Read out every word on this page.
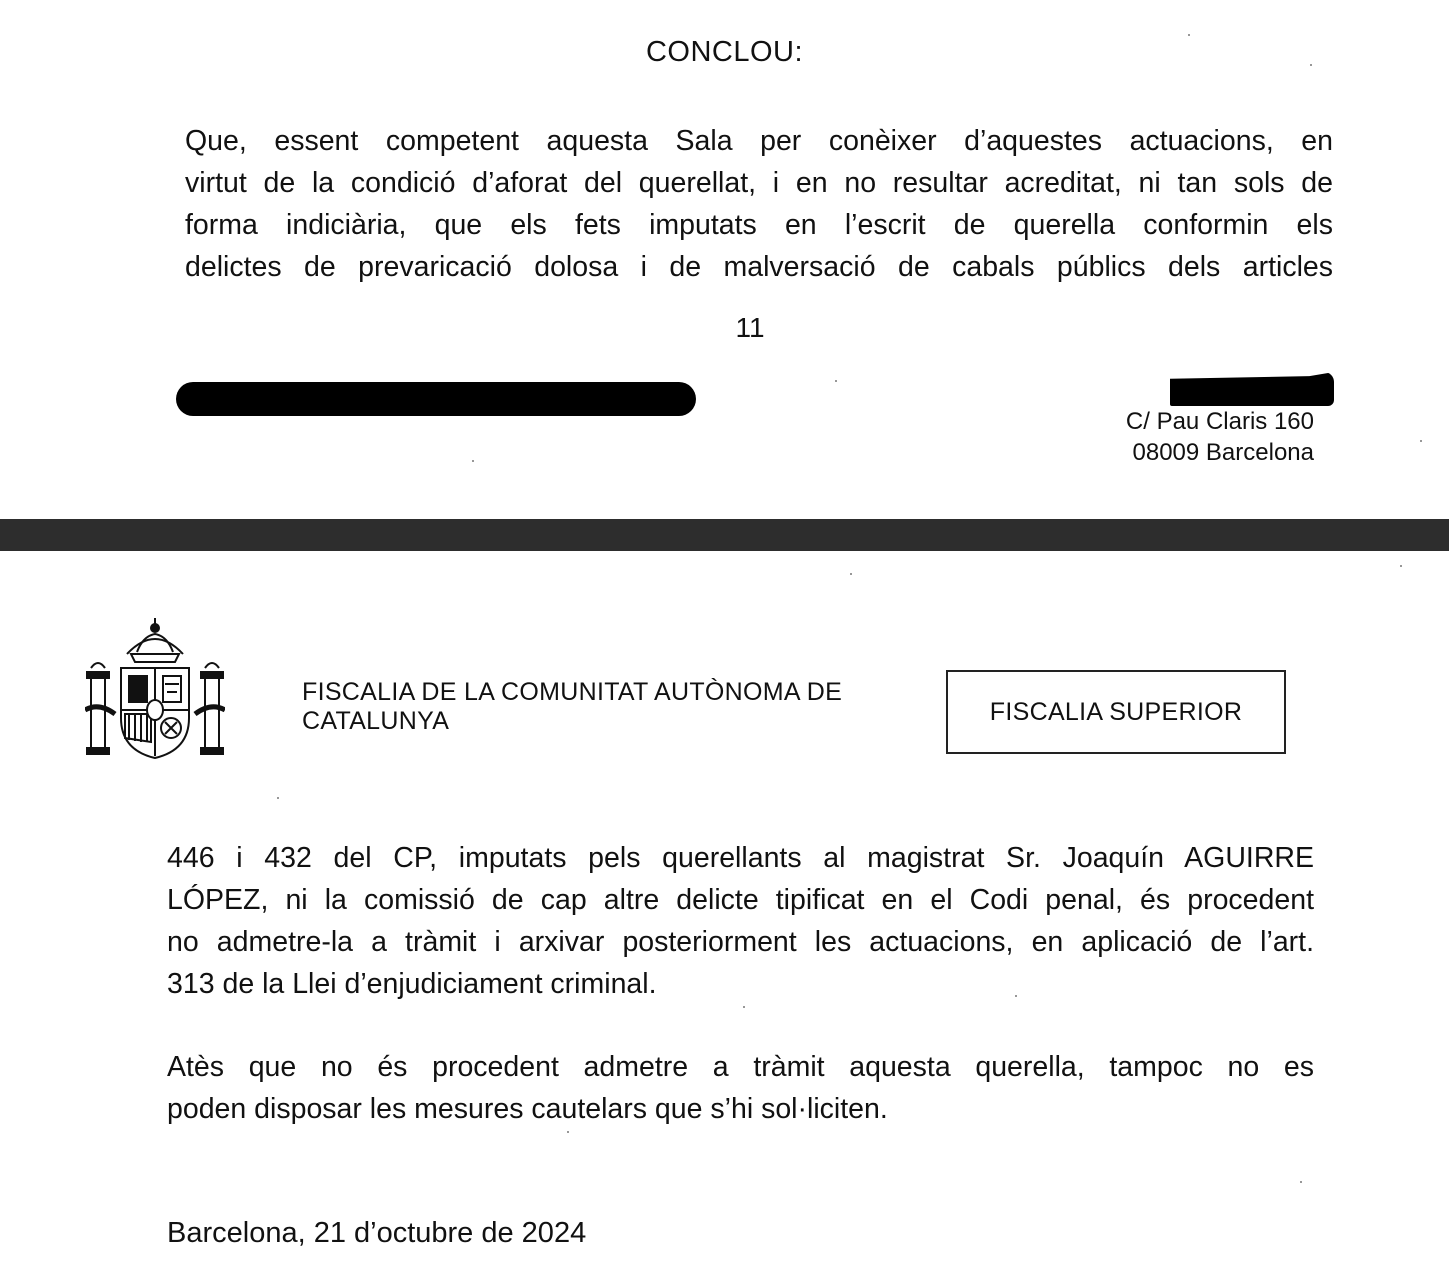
CONCLOU:
Que, essent competent aquesta Sala per conèixer d’aquestes actuacions, en
virtut de la condició d’aforat del querellat, i en no resultar acreditat, ni tan sols de
forma indiciària, que els fets imputats en l’escrit de querella conformin els
delictes de prevaricació dolosa i de malversació de cabals públics dels articles
11
C/ Pau Claris 160
08009 Barcelona
FISCALIA DE LA COMUNITAT AUTÒNOMA DE
CATALUNYA	FISCALIA SUPERIOR
446 i 432 del CP, imputats pels querellants al magistrat Sr. Joaquín AGUIRRE
LÓPEZ, ni la comissió de cap altre delicte tipificat en el Codi penal, és procedent
no admetre-la a tràmit i arxivar posteriorment les actuacions, en aplicació de l’art.
313 de la Llei d’enjudiciament criminal.
Atès que no és procedent admetre a tràmit aquesta querella, tampoc no es
poden disposar les mesures cautelars que s’hi sol·liciten.
Barcelona, 21 d’octubre de 2024
